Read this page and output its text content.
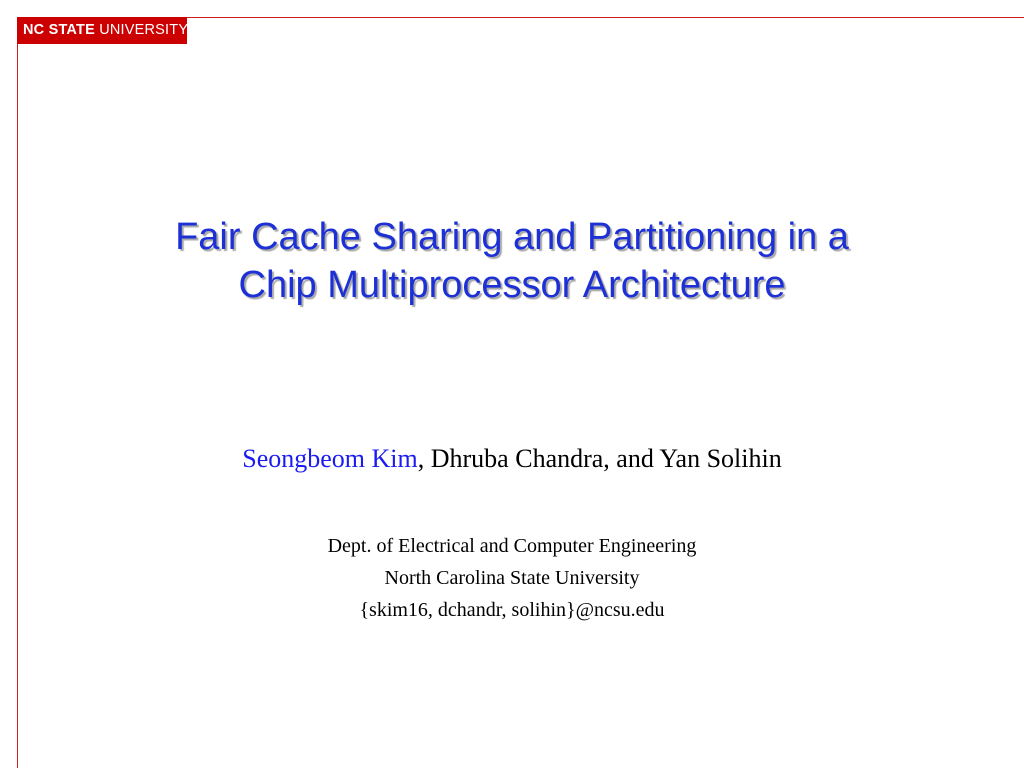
NC STATE UNIVERSITY
Fair Cache Sharing and Partitioning in a
Chip Multiprocessor Architecture
Seongbeom Kim, Dhruba Chandra, and Yan Solihin
Dept. of Electrical and Computer Engineering
North Carolina State University
{skim16, dchandr, solihin}@ncsu.edu
